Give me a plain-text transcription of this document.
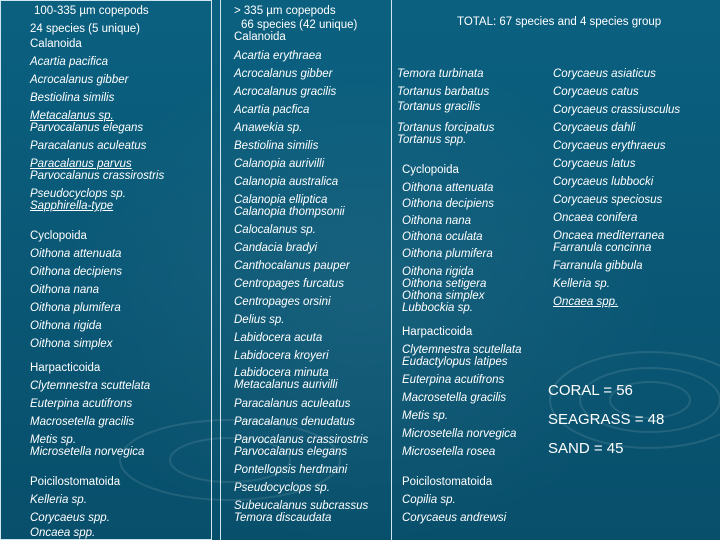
100-335 µm copepods
24 species (5 unique)
Calanoida
Acartia pacifica
Acrocalanus gibber
Bestiolina similis
Metacalanus sp.
Parvocalanus elegans
Paracalanus aculeatus
Paracalanus parvus
Parvocalanus crassirostris
Pseudocyclops sp.
Sapphirella-type
Cyclopoida
Oithona attenuata
Oithona decipiens
Oithona nana
Oithona plumifera
Oithona rigida
Oithona simplex
Harpacticoida
Clytemnestra scuttelata
Euterpina acutifrons
Macrosetella gracilis
Metis sp.
Microsetella norvegica
Poicilostomatoida
Kelleria sp.
Corycaeus spp.
Oncaea spp.
> 335 µm copepods
66 species (42 unique)
Calanoida
Acartia erythraea
Acrocalanus gibber
Acrocalanus gracilis
Acartia pacfica
Anawekia sp.
Bestiolina similis
Calanopia aurivilli
Calanopia australica
Calanopia elliptica
Calanopia thompsonii
Calocalanus sp.
Candacia bradyi
Canthocalanus pauper
Centropages furcatus
Centropages orsini
Delius sp.
Labidocera acuta
Labidocera kroyeri
Labidocera minuta
Metacalanus aurivilli
Paracalanus aculeatus
Paracalanus denudatus
Parvocalanus crassirostris
Parvocalanus elegans
Pontellopsis herdmani
Pseudocyclops sp.
Subeucalanus subcrassus
Temora discaudata
TOTAL: 67 species and 4 species group
Temora turbinata
Tortanus barbatus
Tortanus gracilis
Tortanus forcipatus
Tortanus spp.
Cyclopoida
Oithona attenuata
Oithona decipiens
Oithona nana
Oithona oculata
Oithona plumifera
Oithona rigida
Oithona setigera
Oithona simplex
Lubbockia sp.
Harpacticoida
Clytemnestra scutellata
Eudactylopus latipes
Euterpina acutifrons
Macrosetella gracilis
Metis sp.
Microsetella norvegica
Microsetella rosea
Poicilostomatoida
Copilia sp.
Corycaeus andrewsi
Corycaeus asiaticus
Corycaeus catus
Corycaeus crassiusculus
Corycaeus dahli
Corycaeus erythraeus
Corycaeus latus
Corycaeus lubbocki
Corycaeus speciosus
Oncaea conifera
Oncaea mediterranea
Farranula concinna
Farranula gibbula
Kelleria sp.
Oncaea spp.
CORAL = 56
SEAGRASS = 48
SAND = 45
